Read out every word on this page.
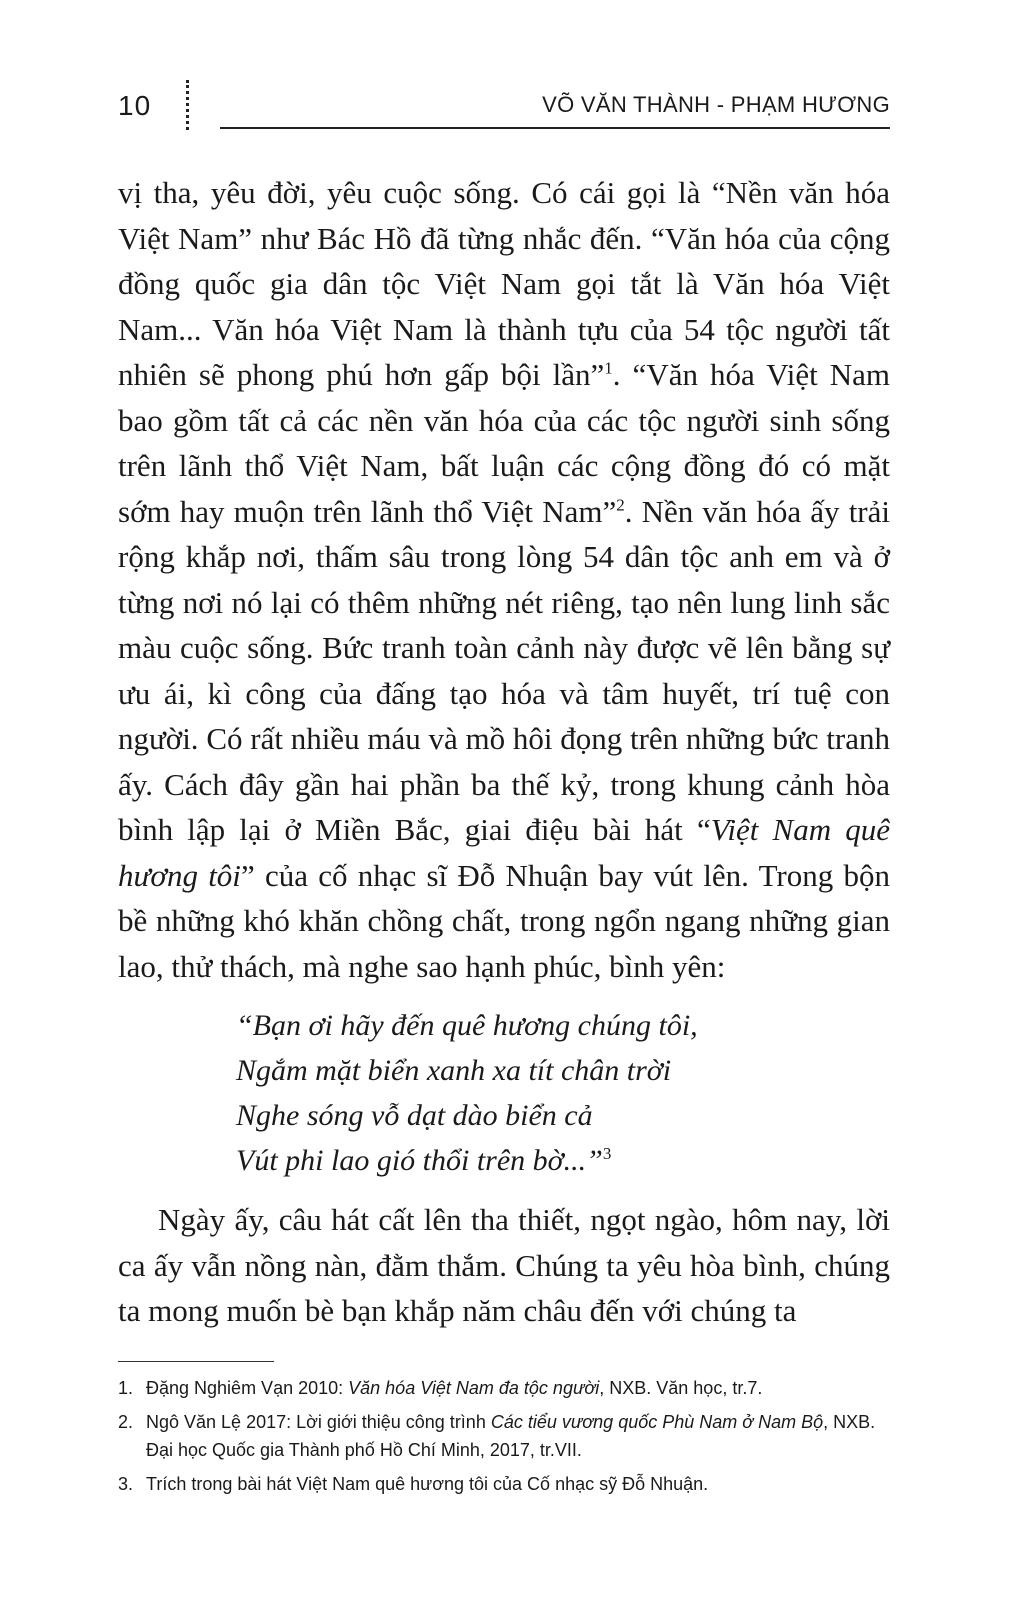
10	VÕ VĂN THÀNH - PHẠM HƯƠNG

vị tha, yêu đời, yêu cuộc sống. Có cái gọi là “Nền văn hóa Việt Nam” như Bác Hồ đã từng nhắc đến. “Văn hóa của cộng đồng quốc gia dân tộc Việt Nam gọi tắt là Văn hóa Việt Nam... Văn hóa Việt Nam là thành tựu của 54 tộc người tất nhiên sẽ phong phú hơn gấp bội lần”$^1$. “Văn hóa Việt Nam bao gồm tất cả các nền văn hóa của các tộc người sinh sống trên lãnh thổ Việt Nam, bất luận các cộng đồng đó có mặt sớm hay muộn trên lãnh thổ Việt Nam”$^2$. Nền văn hóa ấy trải rộng khắp nơi, thấm sâu trong lòng 54 dân tộc anh em và ở từng nơi nó lại có thêm những nét riêng, tạo nên lung linh sắc màu cuộc sống. Bức tranh toàn cảnh này được vẽ lên bằng sự ưu ái, kì công của đấng tạo hóa và tâm huyết, trí tuệ con người. Có rất nhiều máu và mồ hôi đọng trên những bức tranh ấy. Cách đây gần hai phần ba thế kỷ, trong khung cảnh hòa bình lập lại ở Miền Bắc, giai điệu bài hát “Việt Nam quê hương tôi” của cố nhạc sĩ Đỗ Nhuận bay vút lên. Trong bộn bề những khó khăn chồng chất, trong ngổn ngang những gian lao, thử thách, mà nghe sao hạnh phúc, bình yên:

“Bạn ơi hãy đến quê hương chúng tôi,
Ngắm mặt biển xanh xa tít chân trời
Nghe sóng vỗ dạt dào biển cả
Vút phi lao gió thổi trên bờ...”$^3$

Ngày ấy, câu hát cất lên tha thiết, ngọt ngào, hôm nay, lời ca ấy vẫn nồng nàn, đằm thắm. Chúng ta yêu hòa bình, chúng ta mong muốn bè bạn khắp năm châu đến với chúng ta

1. Đặng Nghiêm Vạn 2010: Văn hóa Việt Nam đa tộc người, NXB. Văn học, tr.7.
2. Ngô Văn Lệ 2017: Lời giới thiệu công trình Các tiểu vương quốc Phù Nam ở Nam Bộ, NXB. Đại học Quốc gia Thành phố Hồ Chí Minh, 2017, tr.VII.
3. Trích trong bài hát Việt Nam quê hương tôi của Cố nhạc sỹ Đỗ Nhuận.
